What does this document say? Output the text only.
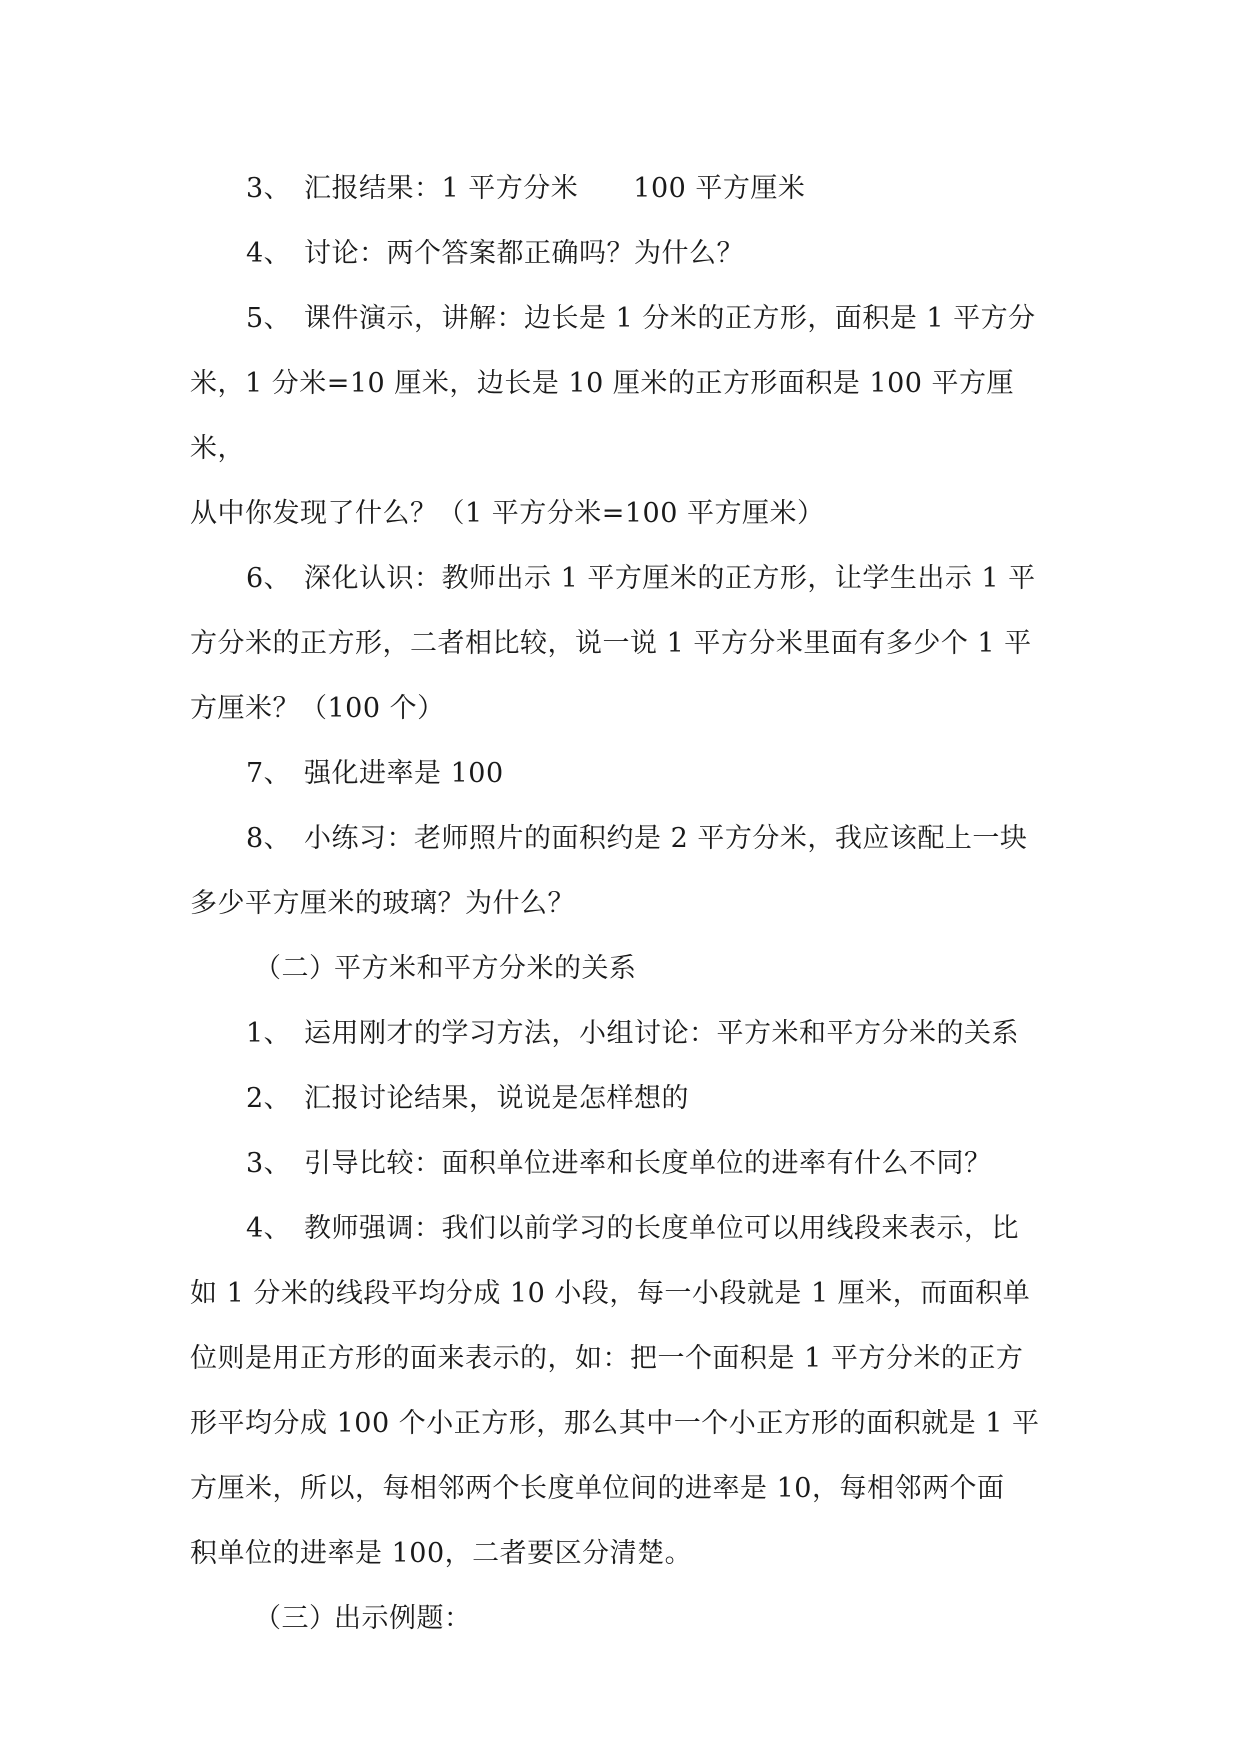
3、 汇报结果：1 平方分米　　100 平方厘米

4、 讨论：两个答案都正确吗？为什么？

5、 课件演示，讲解：边长是 1 分米的正方形，面积是 1 平方分

米，1 分米=10 厘米，边长是 10 厘米的正方形面积是 100 平方厘米，

从中你发现了什么？（1 平方分米=100 平方厘米）

6、 深化认识：教师出示 1 平方厘米的正方形，让学生出示 1 平

方分米的正方形，二者相比较，说一说 1 平方分米里面有多少个 1 平

方厘米？（100 个）

7、 强化进率是 100

8、 小练习：老师照片的面积约是 2 平方分米，我应该配上一块

多少平方厘米的玻璃？为什么？

（二）平方米和平方分米的关系

1、 运用刚才的学习方法，小组讨论：平方米和平方分米的关系

2、 汇报讨论结果，说说是怎样想的

3、 引导比较：面积单位进率和长度单位的进率有什么不同？

4、 教师强调：我们以前学习的长度单位可以用线段来表示，比

如 1 分米的线段平均分成 10 小段，每一小段就是 1 厘米，而面积单

位则是用正方形的面来表示的，如：把一个面积是 1 平方分米的正方

形平均分成 100 个小正方形，那么其中一个小正方形的面积就是 1 平

方厘米，所以，每相邻两个长度单位间的进率是 10，每相邻两个面

积单位的进率是 100，二者要区分清楚。

（三）出示例题：
